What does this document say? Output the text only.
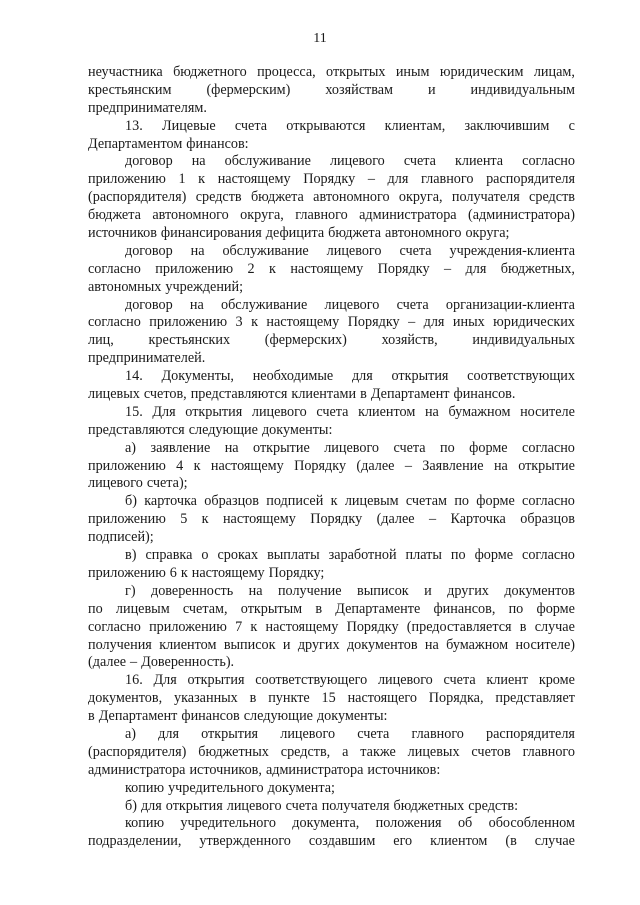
11
неучастника бюджетного процесса, открытых иным юридическим лицам,
крестьянским (фермерским) хозяйствам и индивидуальным
предпринимателям.
13. Лицевые счета открываются клиентам, заключившим с
Департаментом финансов:
договор на обслуживание лицевого счета клиента согласно
приложению 1 к настоящему Порядку – для главного распорядителя
(распорядителя) средств бюджета автономного округа, получателя средств
бюджета автономного округа, главного администратора (администратора)
источников финансирования дефицита бюджета автономного округа;
договор на обслуживание лицевого счета учреждения-клиента
согласно приложению 2 к настоящему Порядку – для бюджетных,
автономных учреждений;
договор на обслуживание лицевого счета организации-клиента
согласно приложению 3 к настоящему Порядку – для иных юридических
лиц, крестьянских (фермерских) хозяйств, индивидуальных
предпринимателей.
14. Документы, необходимые для открытия соответствующих
лицевых счетов, представляются клиентами в Департамент финансов.
15. Для открытия лицевого счета клиентом на бумажном носителе
представляются следующие документы:
а) заявление на открытие лицевого счета по форме согласно
приложению 4 к настоящему Порядку (далее – Заявление на открытие
лицевого счета);
б) карточка образцов подписей к лицевым счетам по форме согласно
приложению 5 к настоящему Порядку (далее – Карточка образцов
подписей);
в) справка о сроках выплаты заработной платы по форме согласно
приложению 6 к настоящему Порядку;
г) доверенность на получение выписок и других документов
по лицевым счетам, открытым в Департаменте финансов, по форме
согласно приложению 7 к настоящему Порядку (предоставляется в случае
получения клиентом выписок и других документов на бумажном носителе)
(далее – Доверенность).
16. Для открытия соответствующего лицевого счета клиент кроме
документов, указанных в пункте 15 настоящего Порядка, представляет
в Департамент финансов следующие документы:
а) для открытия лицевого счета главного распорядителя
(распорядителя) бюджетных средств, а также лицевых счетов главного
администратора источников, администратора источников:
копию учредительного документа;
б) для открытия лицевого счета получателя бюджетных средств:
копию учредительного документа, положения об обособленном
подразделении, утвержденного создавшим его клиентом (в случае
